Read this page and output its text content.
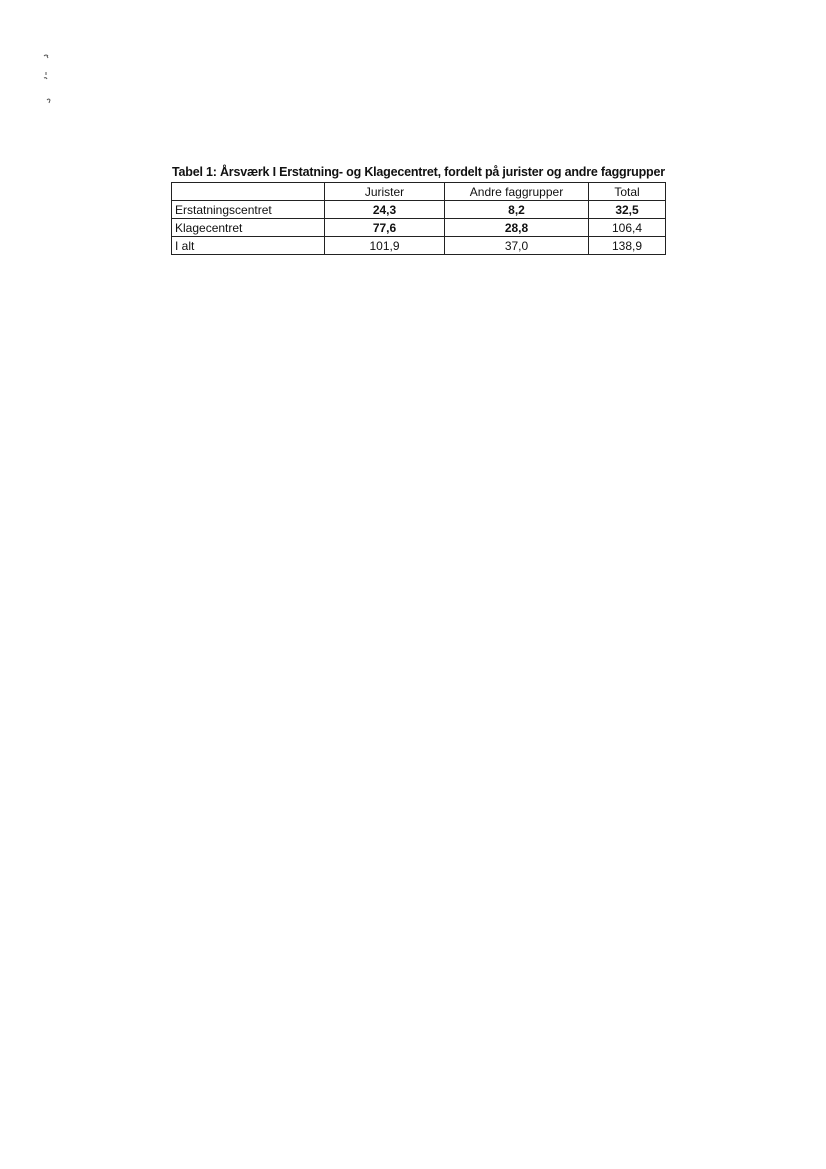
Tabel 1: Årsværk I Erstatning- og Klagecentret, fordelt på jurister og andre faggrupper
	Jurister	Andre faggrupper	Total
Erstatningscentret	24,3	8,2	32,5
Klagecentret	77,6	28,8	106,4
I alt	101,9	37,0	138,9
